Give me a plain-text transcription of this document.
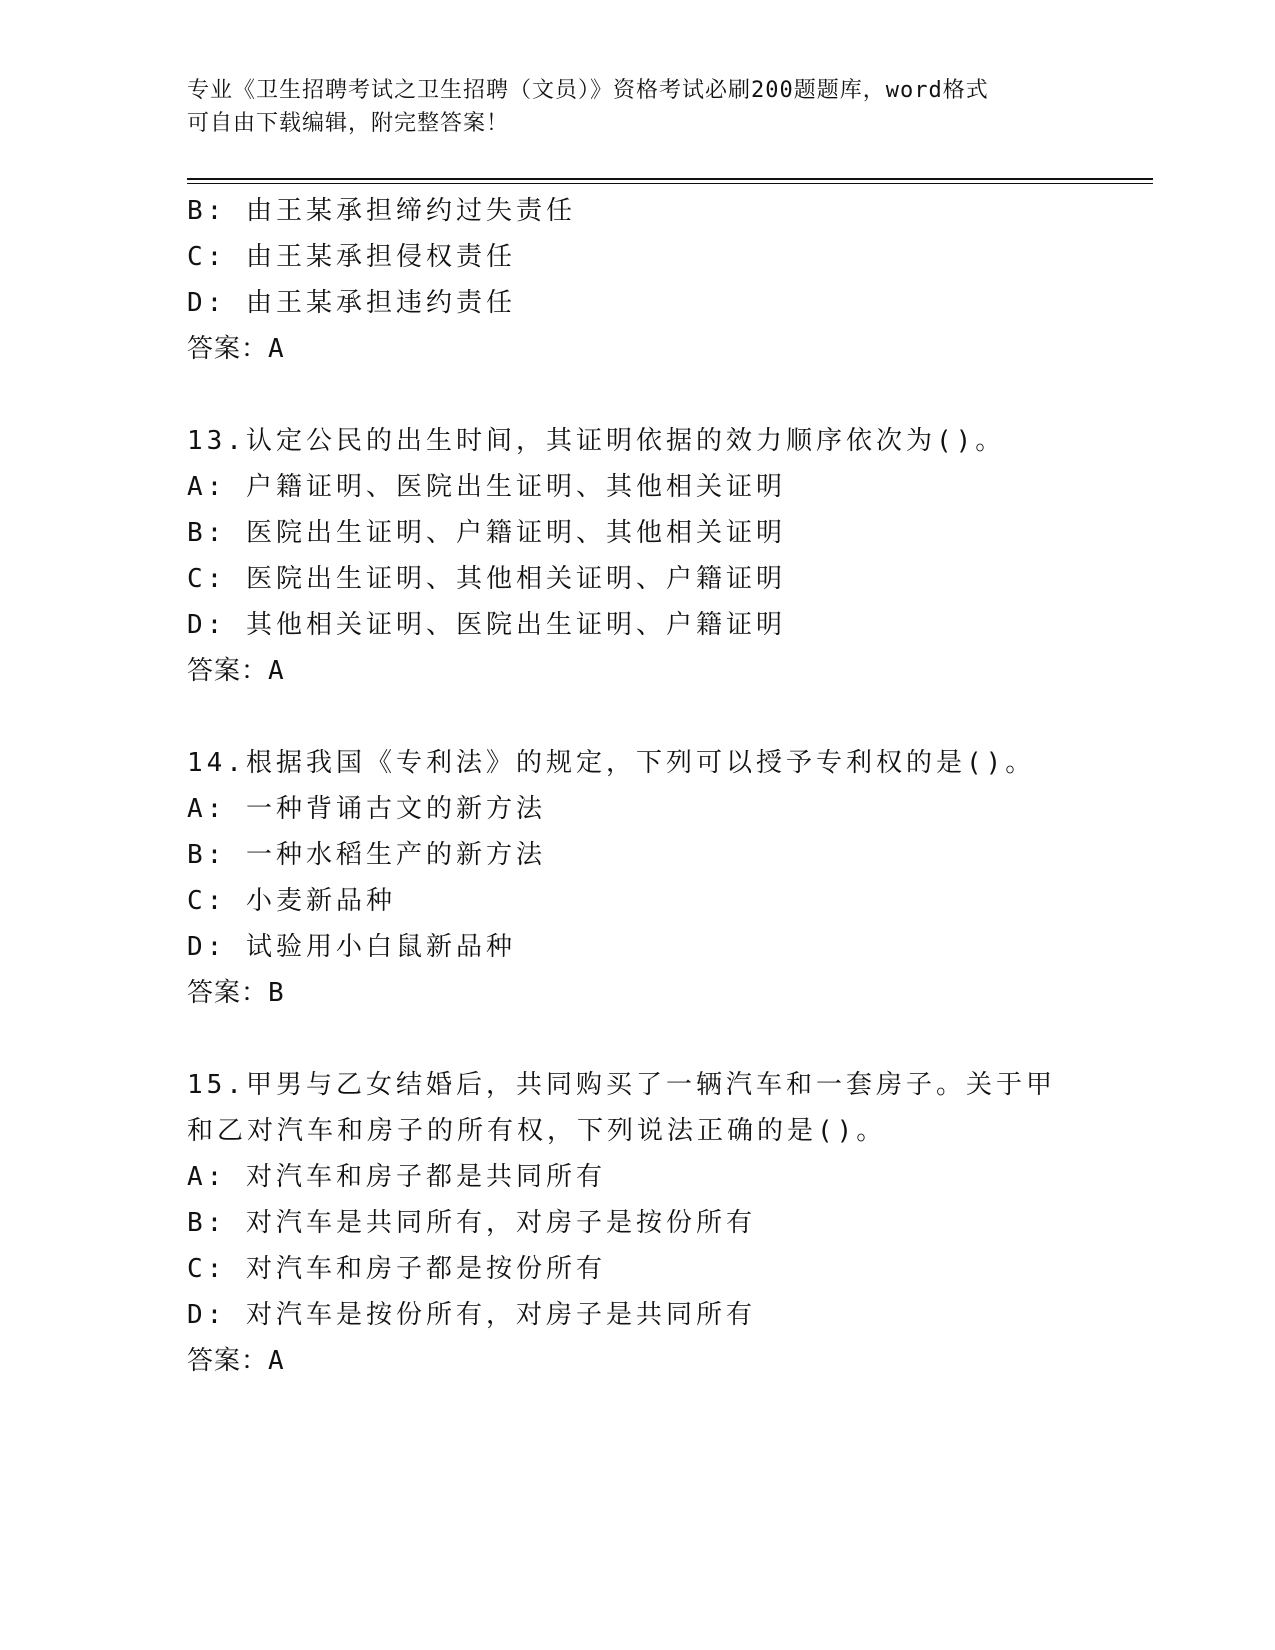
专业《卫生招聘考试之卫生招聘（文员）》资格考试必刷200题题库，word格式
可自由下载编辑，附完整答案！
B: 由王某承担缔约过失责任
C: 由王某承担侵权责任
D: 由王某承担违约责任
答案：A
13.认定公民的出生时间，其证明依据的效力顺序依次为()。
A: 户籍证明、医院出生证明、其他相关证明
B: 医院出生证明、户籍证明、其他相关证明
C: 医院出生证明、其他相关证明、户籍证明
D: 其他相关证明、医院出生证明、户籍证明
答案：A
14.根据我国《专利法》的规定，下列可以授予专利权的是()。
A: 一种背诵古文的新方法
B: 一种水稻生产的新方法
C: 小麦新品种
D: 试验用小白鼠新品种
答案：B
15.甲男与乙女结婚后，共同购买了一辆汽车和一套房子。关于甲和乙对汽车和房子的所有权，下列说法正确的是()。
A: 对汽车和房子都是共同所有
B: 对汽车是共同所有，对房子是按份所有
C: 对汽车和房子都是按份所有
D: 对汽车是按份所有，对房子是共同所有
答案：A
